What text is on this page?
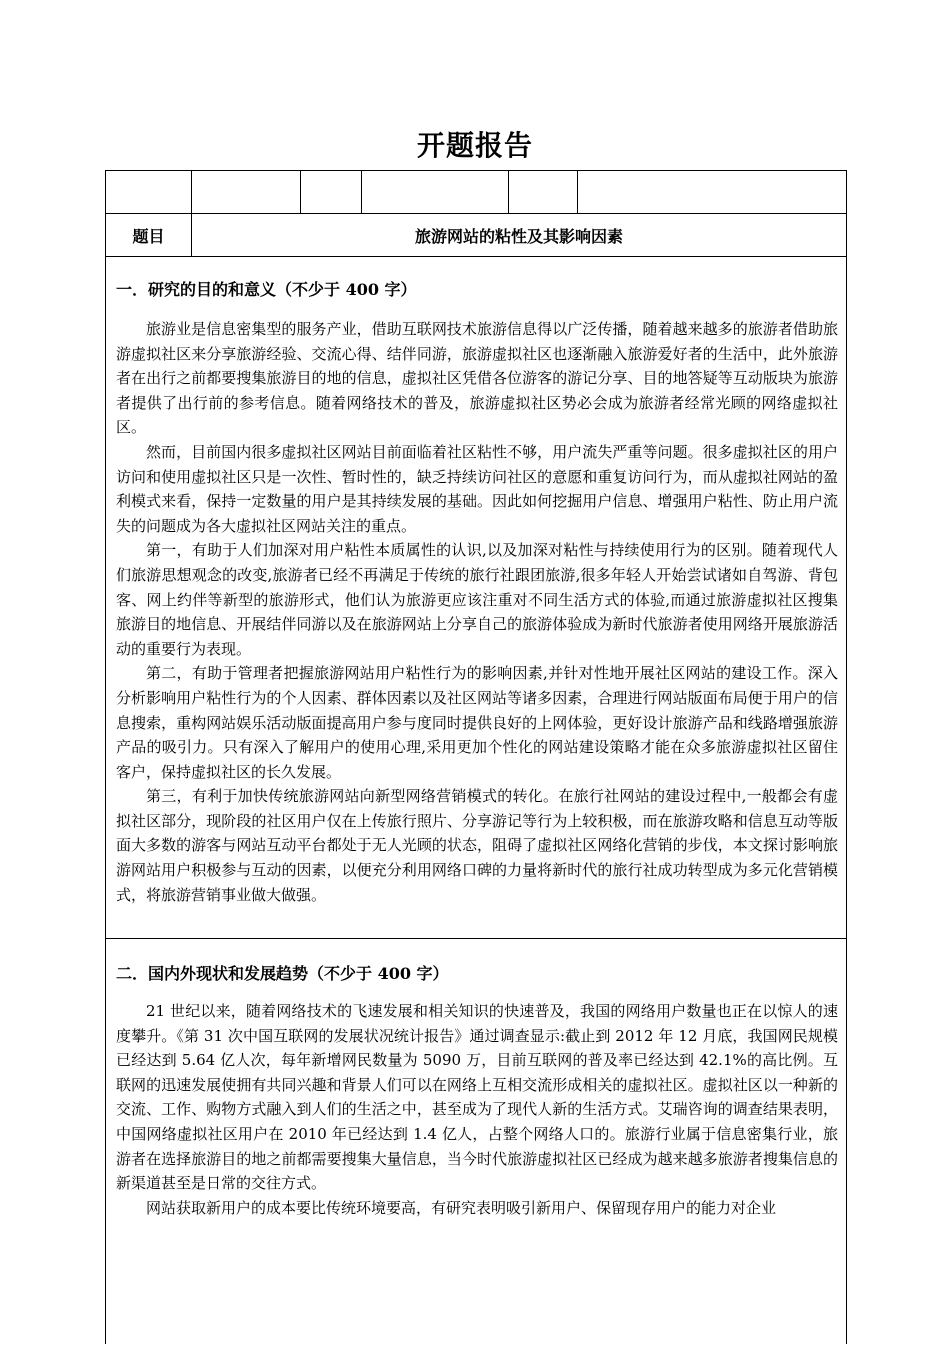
开题报告
题目	旅游网站的粘性及其影响因素
一．研究的目的和意义（不少于 400 字）

旅游业是信息密集型的服务产业，借助互联网技术旅游信息得以广泛传播，随着越来越多的旅游者借助旅游虚拟社区来分享旅游经验、交流心得、结伴同游，旅游虚拟社区也逐渐融入旅游爱好者的生活中，此外旅游者在出行之前都要搜集旅游目的地的信息，虚拟社区凭借各位游客的游记分享、目的地答疑等互动版块为旅游者提供了出行前的参考信息。随着网络技术的普及，旅游虚拟社区势必会成为旅游者经常光顾的网络虚拟社区。

然而，目前国内很多虚拟社区网站目前面临着社区粘性不够，用户流失严重等问题。很多虚拟社区的用户访问和使用虚拟社区只是一次性、暂时性的，缺乏持续访问社区的意愿和重复访问行为，而从虚拟社网站的盈利模式来看，保持一定数量的用户是其持续发展的基础。因此如何挖掘用户信息、增强用户粘性、防止用户流失的问题成为各大虚拟社区网站关注的重点。

第一，有助于人们加深对用户粘性本质属性的认识,以及加深对粘性与持续使用行为的区别。随着现代人们旅游思想观念的改变,旅游者已经不再满足于传统的旅行社跟团旅游,很多年轻人开始尝试诸如自驾游、背包客、网上约伴等新型的旅游形式，他们认为旅游更应该注重对不同生活方式的体验,而通过旅游虚拟社区搜集旅游目的地信息、开展结伴同游以及在旅游网站上分享自己的旅游体验成为新时代旅游者使用网络开展旅游活动的重要行为表现。

第二，有助于管理者把握旅游网站用户粘性行为的影响因素,并针对性地开展社区网站的建设工作。深入分析影响用户粘性行为的个人因素、群体因素以及社区网站等诸多因素，合理进行网站版面布局便于用户的信息搜索，重构网站娱乐活动版面提高用户参与度同时提供良好的上网体验，更好设计旅游产品和线路增强旅游产品的吸引力。只有深入了解用户的使用心理,采用更加个性化的网站建设策略才能在众多旅游虚拟社区留住客户，保持虚拟社区的长久发展。

第三，有利于加快传统旅游网站向新型网络营销模式的转化。在旅行社网站的建设过程中,一般都会有虚拟社区部分，现阶段的社区用户仅在上传旅行照片、分享游记等行为上较积极，而在旅游攻略和信息互动等版面大多数的游客与网站互动平台都处于无人光顾的状态，阻碍了虚拟社区网络化营销的步伐，本文探讨影响旅游网站用户积极参与互动的因素，以便充分利用网络口碑的力量将新时代的旅行社成功转型成为多元化营销模式，将旅游营销事业做大做强。

二．国内外现状和发展趋势（不少于 400 字）

21 世纪以来，随着网络技术的飞速发展和相关知识的快速普及，我国的网络用户数量也正在以惊人的速度攀升。《第 31 次中国互联网的发展状况统计报告》通过调查显示:截止到 2012 年 12 月底，我国网民规模已经达到 5.64 亿人次，每年新增网民数量为 5090 万，目前互联网的普及率已经达到 42.1%的高比例。互联网的迅速发展使拥有共同兴趣和背景人们可以在网络上互相交流形成相关的虚拟社区。虚拟社区以一种新的交流、工作、购物方式融入到人们的生活之中，甚至成为了现代人新的生活方式。艾瑞咨询的调查结果表明，中国网络虚拟社区用户在 2010 年已经达到 1.4 亿人，占整个网络人口的。旅游行业属于信息密集行业，旅游者在选择旅游目的地之前都需要搜集大量信息，当今时代旅游虚拟社区已经成为越来越多旅游者搜集信息的新渠道甚至是日常的交往方式。

网站获取新用户的成本要比传统环境要高，有研究表明吸引新用户、保留现存用户的能力对企业
